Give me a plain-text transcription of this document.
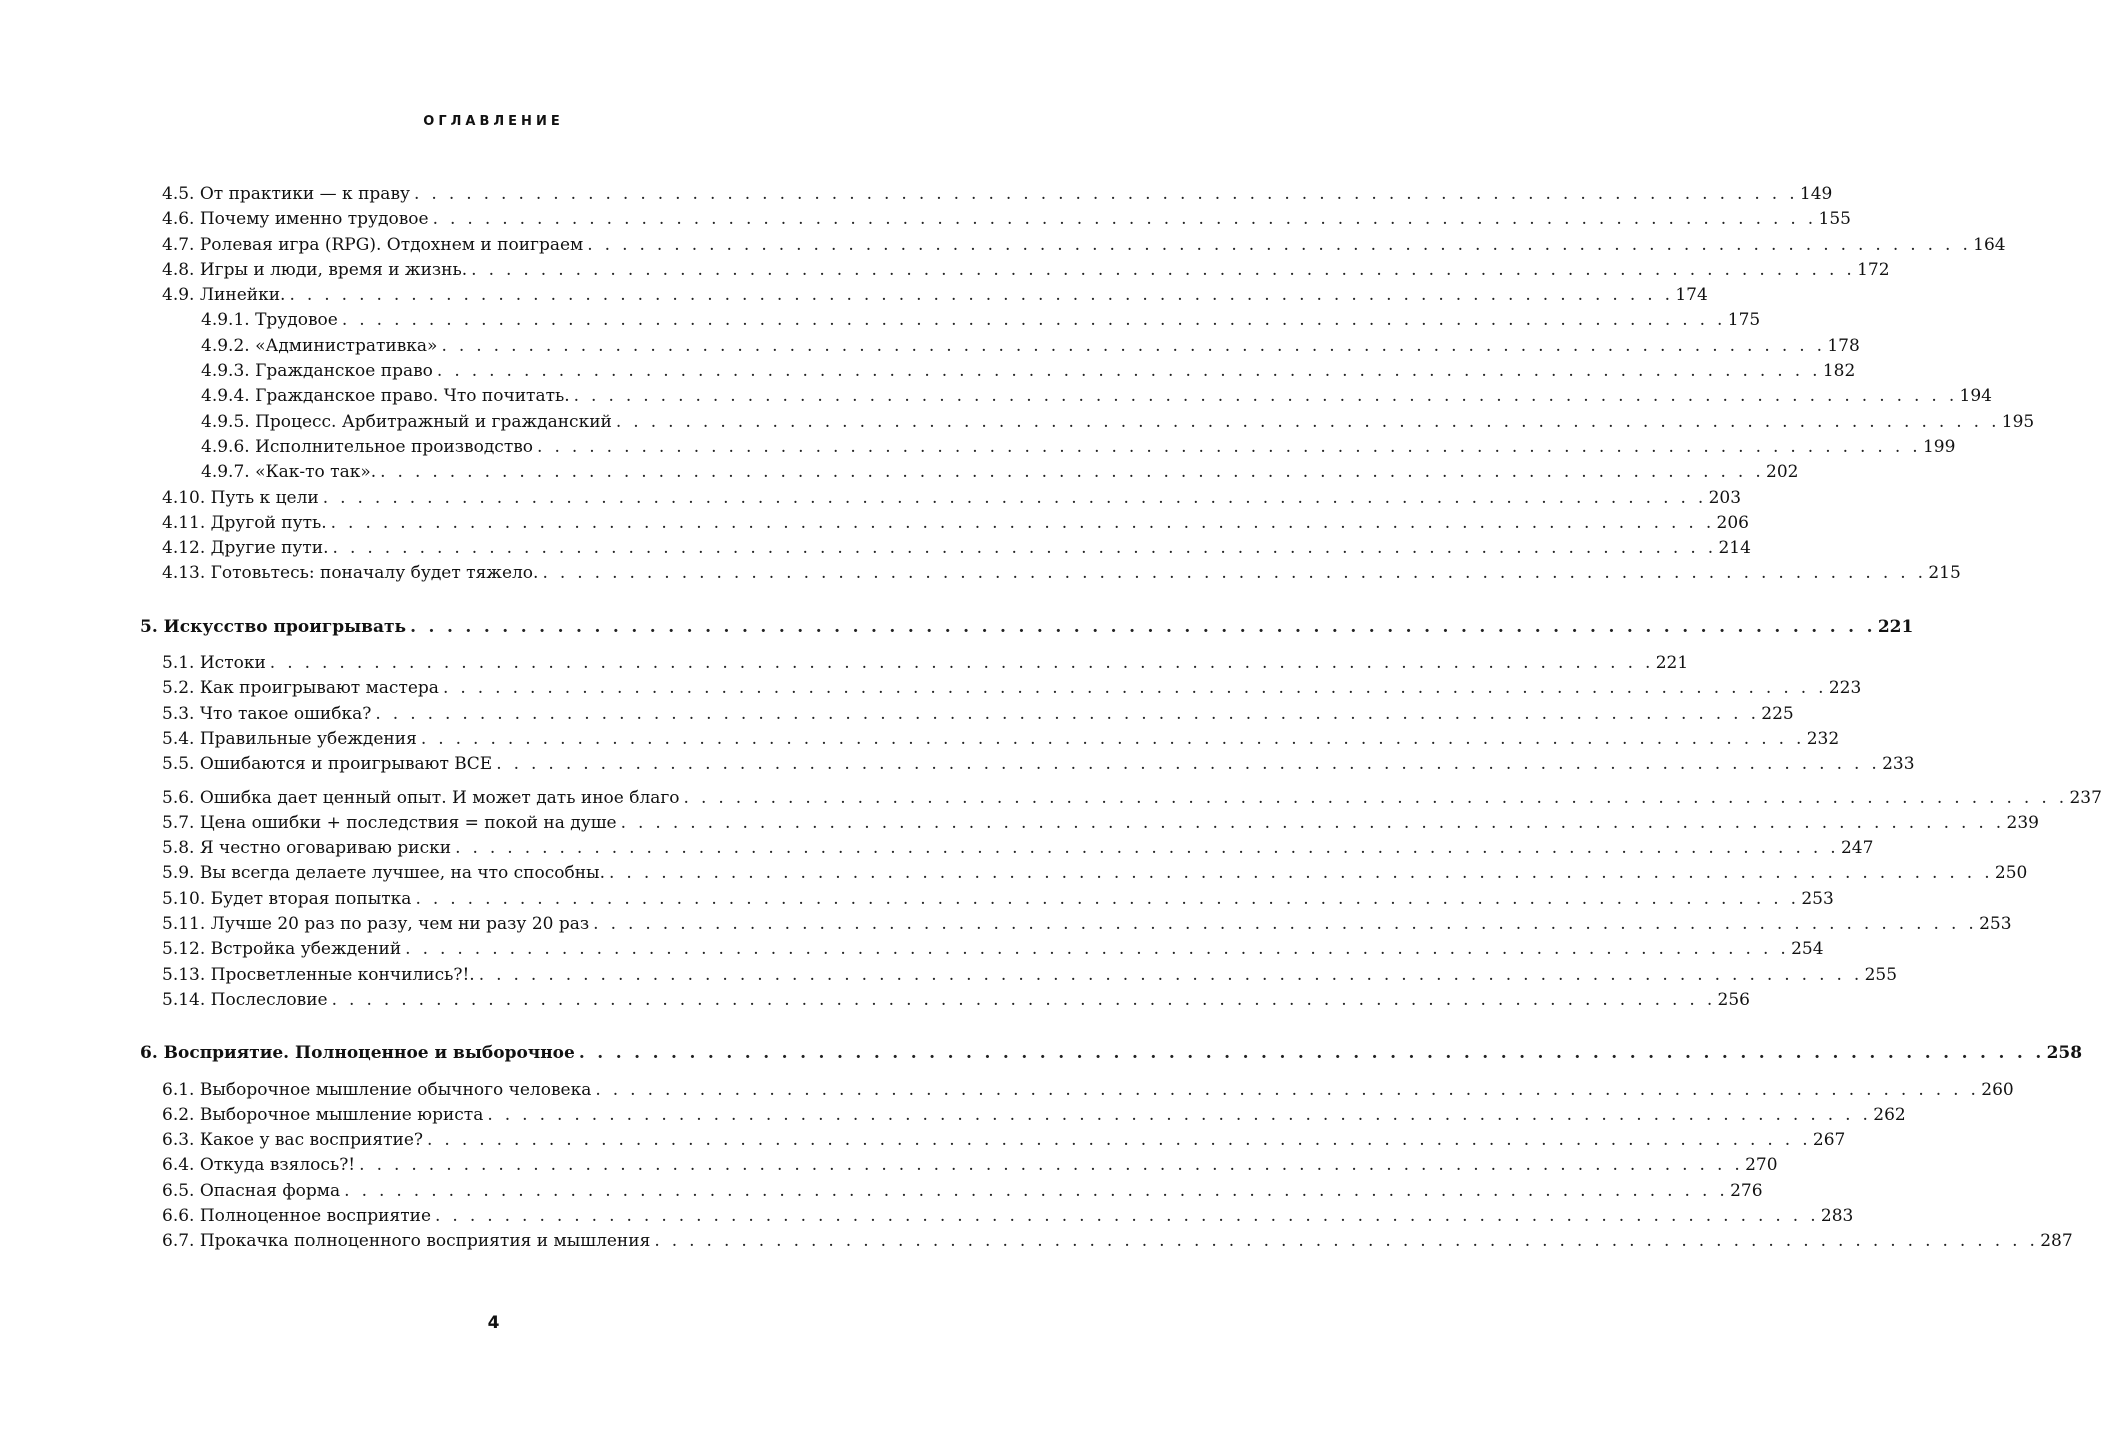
ОГЛАВЛЕНИЕ
4.5. От практики — к праву . . . . . . . . . . . . . . . . . . . . . . . . . . . . . . . . . . . . . . . . . . . . . . . . . . . . . . . . . . . . . . . . . . . . . . . . . . . . . . . . 149
4.6. Почему именно трудовое . . . . . . . . . . . . . . . . . . . . . . . . . . . . . . . . . . . . . . . . . . . . . . . . . . . . . . . . . . . . . . . . . . . . . . . . . . . . . . . . 155
4.7. Ролевая игра (RPG). Отдохнем и поиграем . . . . . . . . . . . . . . . . . . . . . . . . . . . . . . . . . . . . . . . . . . . . . . . . . . . . . . . . . . . . . . . . . . . . . . . . . . . . . . . . 164
4.8. Игры и люди, время и жизнь. . . . . . . . . . . . . . . . . . . . . . . . . . . . . . . . . . . . . . . . . . . . . . . . . . . . . . . . . . . . . . . . . . . . . . . . . . . . . . . . . 172
4.9. Линейки. . . . . . . . . . . . . . . . . . . . . . . . . . . . . . . . . . . . . . . . . . . . . . . . . . . . . . . . . . . . . . . . . . . . . . . . . . . . . . . . . 174
4.9.1. Трудовое . . . . . . . . . . . . . . . . . . . . . . . . . . . . . . . . . . . . . . . . . . . . . . . . . . . . . . . . . . . . . . . . . . . . . . . . . . . . . . . . 175
4.9.2. «Административка» . . . . . . . . . . . . . . . . . . . . . . . . . . . . . . . . . . . . . . . . . . . . . . . . . . . . . . . . . . . . . . . . . . . . . . . . . . . . . . . . 178
4.9.3. Гражданское право . . . . . . . . . . . . . . . . . . . . . . . . . . . . . . . . . . . . . . . . . . . . . . . . . . . . . . . . . . . . . . . . . . . . . . . . . . . . . . . . 182
4.9.4. Гражданское право. Что почитать. . . . . . . . . . . . . . . . . . . . . . . . . . . . . . . . . . . . . . . . . . . . . . . . . . . . . . . . . . . . . . . . . . . . . . . . . . . . . . . . . 194
4.9.5. Процесс. Арбитражный и гражданский . . . . . . . . . . . . . . . . . . . . . . . . . . . . . . . . . . . . . . . . . . . . . . . . . . . . . . . . . . . . . . . . . . . . . . . . . . . . . . . . 195
4.9.6. Исполнительное производство . . . . . . . . . . . . . . . . . . . . . . . . . . . . . . . . . . . . . . . . . . . . . . . . . . . . . . . . . . . . . . . . . . . . . . . . . . . . . . . . 199
4.9.7. «Как-то так». . . . . . . . . . . . . . . . . . . . . . . . . . . . . . . . . . . . . . . . . . . . . . . . . . . . . . . . . . . . . . . . . . . . . . . . . . . . . . . . . 202
4.10. Путь к цели . . . . . . . . . . . . . . . . . . . . . . . . . . . . . . . . . . . . . . . . . . . . . . . . . . . . . . . . . . . . . . . . . . . . . . . . . . . . . . . . 203
4.11. Другой путь. . . . . . . . . . . . . . . . . . . . . . . . . . . . . . . . . . . . . . . . . . . . . . . . . . . . . . . . . . . . . . . . . . . . . . . . . . . . . . . . . 206
4.12. Другие пути. . . . . . . . . . . . . . . . . . . . . . . . . . . . . . . . . . . . . . . . . . . . . . . . . . . . . . . . . . . . . . . . . . . . . . . . . . . . . . . . . 214
4.13. Готовьтесь: поначалу будет тяжело. . . . . . . . . . . . . . . . . . . . . . . . . . . . . . . . . . . . . . . . . . . . . . . . . . . . . . . . . . . . . . . . . . . . . . . . . . . . . . . . . 215
5. Искусство проигрывать . . . . . . . . . . . . . . . . . . . . . . . . . . . . . . . . . . . . . . . . . . . . . . . . . . . . . . . . . . . . . . . . . . . . . . . . . . . . . . . . 221
5.1. Истоки . . . . . . . . . . . . . . . . . . . . . . . . . . . . . . . . . . . . . . . . . . . . . . . . . . . . . . . . . . . . . . . . . . . . . . . . . . . . . . . . 221
5.2. Как проигрывают мастера . . . . . . . . . . . . . . . . . . . . . . . . . . . . . . . . . . . . . . . . . . . . . . . . . . . . . . . . . . . . . . . . . . . . . . . . . . . . . . . . 223
5.3. Что такое ошибка? . . . . . . . . . . . . . . . . . . . . . . . . . . . . . . . . . . . . . . . . . . . . . . . . . . . . . . . . . . . . . . . . . . . . . . . . . . . . . . . . 225
5.4. Правильные убеждения . . . . . . . . . . . . . . . . . . . . . . . . . . . . . . . . . . . . . . . . . . . . . . . . . . . . . . . . . . . . . . . . . . . . . . . . . . . . . . . . 232
5.5. Ошибаются и проигрывают ВСЕ . . . . . . . . . . . . . . . . . . . . . . . . . . . . . . . . . . . . . . . . . . . . . . . . . . . . . . . . . . . . . . . . . . . . . . . . . . . . . . . . 233
5.6. Ошибка дает ценный опыт. И может дать иное благо . . . . . . . . . . . . . . . . . . . . . . . . . . . . . . . . . . . . . . . . . . . . . . . . . . . . . . . . . . . . . . . . . . . . . . . . . . . . . . . . 237
5.7. Цена ошибки + последствия = покой на душе . . . . . . . . . . . . . . . . . . . . . . . . . . . . . . . . . . . . . . . . . . . . . . . . . . . . . . . . . . . . . . . . . . . . . . . . . . . . . . . . 239
5.8. Я честно оговариваю риски . . . . . . . . . . . . . . . . . . . . . . . . . . . . . . . . . . . . . . . . . . . . . . . . . . . . . . . . . . . . . . . . . . . . . . . . . . . . . . . . 247
5.9. Вы всегда делаете лучшее, на что способны. . . . . . . . . . . . . . . . . . . . . . . . . . . . . . . . . . . . . . . . . . . . . . . . . . . . . . . . . . . . . . . . . . . . . . . . . . . . . . . . . 250
5.10. Будет вторая попытка . . . . . . . . . . . . . . . . . . . . . . . . . . . . . . . . . . . . . . . . . . . . . . . . . . . . . . . . . . . . . . . . . . . . . . . . . . . . . . . . 253
5.11. Лучше 20 раз по разу, чем ни разу 20 раз . . . . . . . . . . . . . . . . . . . . . . . . . . . . . . . . . . . . . . . . . . . . . . . . . . . . . . . . . . . . . . . . . . . . . . . . . . . . . . . . 253
5.12. Встройка убеждений . . . . . . . . . . . . . . . . . . . . . . . . . . . . . . . . . . . . . . . . . . . . . . . . . . . . . . . . . . . . . . . . . . . . . . . . . . . . . . . . 254
5.13. Просветленные кончились?!. . . . . . . . . . . . . . . . . . . . . . . . . . . . . . . . . . . . . . . . . . . . . . . . . . . . . . . . . . . . . . . . . . . . . . . . . . . . . . . . . 255
5.14. Послесловие . . . . . . . . . . . . . . . . . . . . . . . . . . . . . . . . . . . . . . . . . . . . . . . . . . . . . . . . . . . . . . . . . . . . . . . . . . . . . . . . 256
6. Восприятие. Полноценное и выборочное . . . . . . . . . . . . . . . . . . . . . . . . . . . . . . . . . . . . . . . . . . . . . . . . . . . . . . . . . . . . . . . . . . . . . . . . . . . . . . . . 258
6.1. Выборочное мышление обычного человека . . . . . . . . . . . . . . . . . . . . . . . . . . . . . . . . . . . . . . . . . . . . . . . . . . . . . . . . . . . . . . . . . . . . . . . . . . . . . . . . 260
6.2. Выборочное мышление юриста . . . . . . . . . . . . . . . . . . . . . . . . . . . . . . . . . . . . . . . . . . . . . . . . . . . . . . . . . . . . . . . . . . . . . . . . . . . . . . . . 262
6.3. Какое у вас восприятие? . . . . . . . . . . . . . . . . . . . . . . . . . . . . . . . . . . . . . . . . . . . . . . . . . . . . . . . . . . . . . . . . . . . . . . . . . . . . . . . . 267
6.4. Откуда взялось?! . . . . . . . . . . . . . . . . . . . . . . . . . . . . . . . . . . . . . . . . . . . . . . . . . . . . . . . . . . . . . . . . . . . . . . . . . . . . . . . . 270
6.5. Опасная форма . . . . . . . . . . . . . . . . . . . . . . . . . . . . . . . . . . . . . . . . . . . . . . . . . . . . . . . . . . . . . . . . . . . . . . . . . . . . . . . . 276
6.6. Полноценное восприятие . . . . . . . . . . . . . . . . . . . . . . . . . . . . . . . . . . . . . . . . . . . . . . . . . . . . . . . . . . . . . . . . . . . . . . . . . . . . . . . . 283
6.7. Прокачка полноценного восприятия и мышления . . . . . . . . . . . . . . . . . . . . . . . . . . . . . . . . . . . . . . . . . . . . . . . . . . . . . . . . . . . . . . . . . . . . . . . . . . . . . . . . 287
4
